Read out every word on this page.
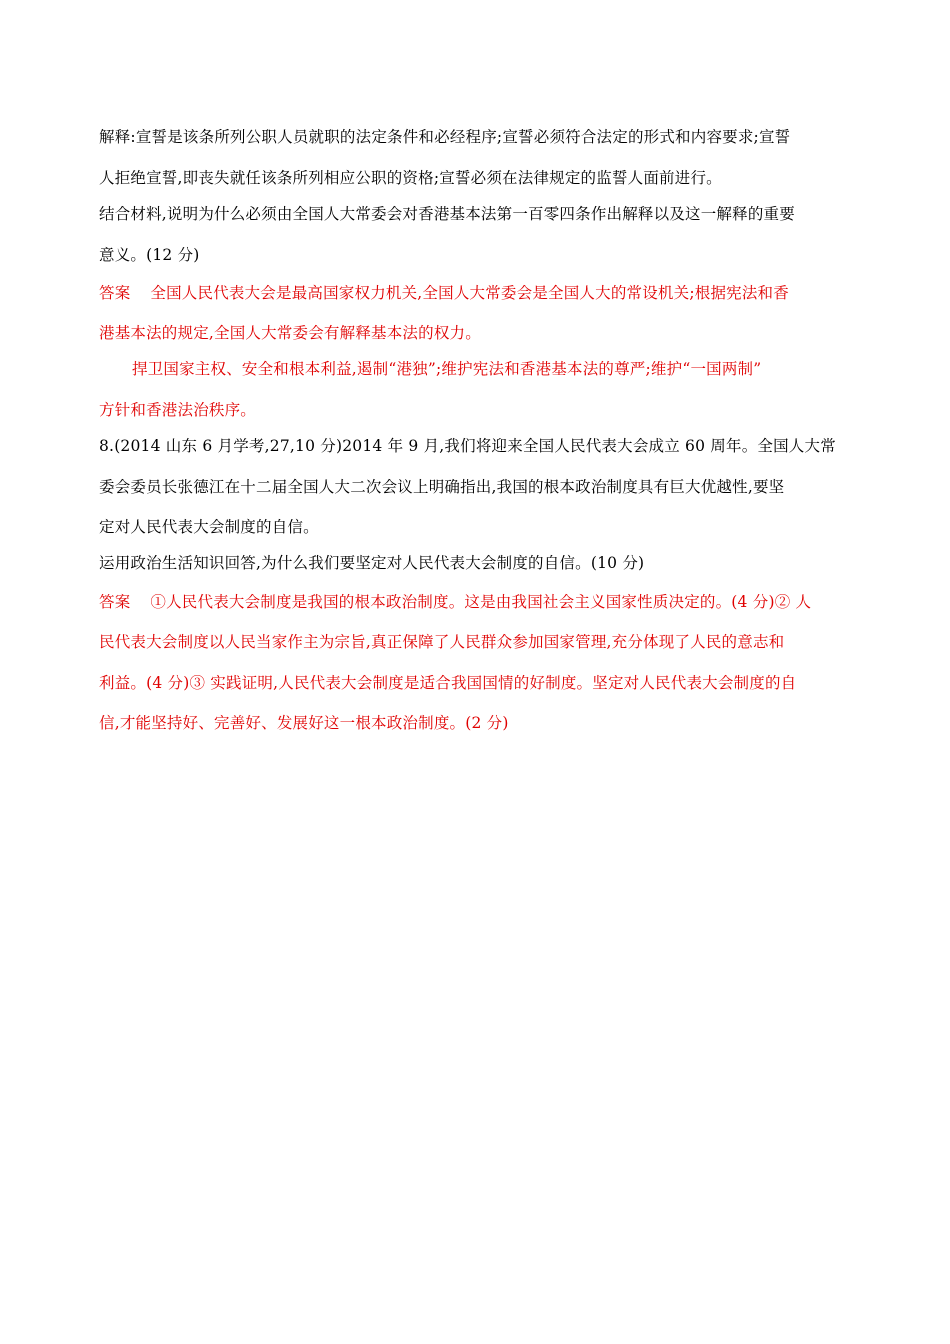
解释:宣誓是该条所列公职人员就职的法定条件和必经程序;宣誓必须符合法定的形式和内容要求;宣誓
人拒绝宣誓,即丧失就任该条所列相应公职的资格;宣誓必须在法律规定的监誓人面前进行。
结合材料,说明为什么必须由全国人大常委会对香港基本法第一百零四条作出解释以及这一解释的重要
意义。(12 分)
答案 全国人民代表大会是最高国家权力机关,全国人大常委会是全国人大的常设机关;根据宪法和香
港基本法的规定,全国人大常委会有解释基本法的权力。
捍卫国家主权、安全和根本利益,遏制“港独”;维护宪法和香港基本法的尊严;维护“一国两制”
方针和香港法治秩序。
8.(2014 山东 6 月学考,27,10 分)2014 年 9 月,我们将迎来全国人民代表大会成立 60 周年。全国人大常
委会委员长张德江在十二届全国人大二次会议上明确指出,我国的根本政治制度具有巨大优越性,要坚
定对人民代表大会制度的自信。
运用政治生活知识回答,为什么我们要坚定对人民代表大会制度的自信。(10 分)
答案 ①人民代表大会制度是我国的根本政治制度。这是由我国社会主义国家性质决定的。(4 分)② 人
民代表大会制度以人民当家作主为宗旨,真正保障了人民群众参加国家管理,充分体现了人民的意志和
利益。(4 分)③ 实践证明,人民代表大会制度是适合我国国情的好制度。坚定对人民代表大会制度的自
信,才能坚持好、完善好、发展好这一根本政治制度。(2 分)
